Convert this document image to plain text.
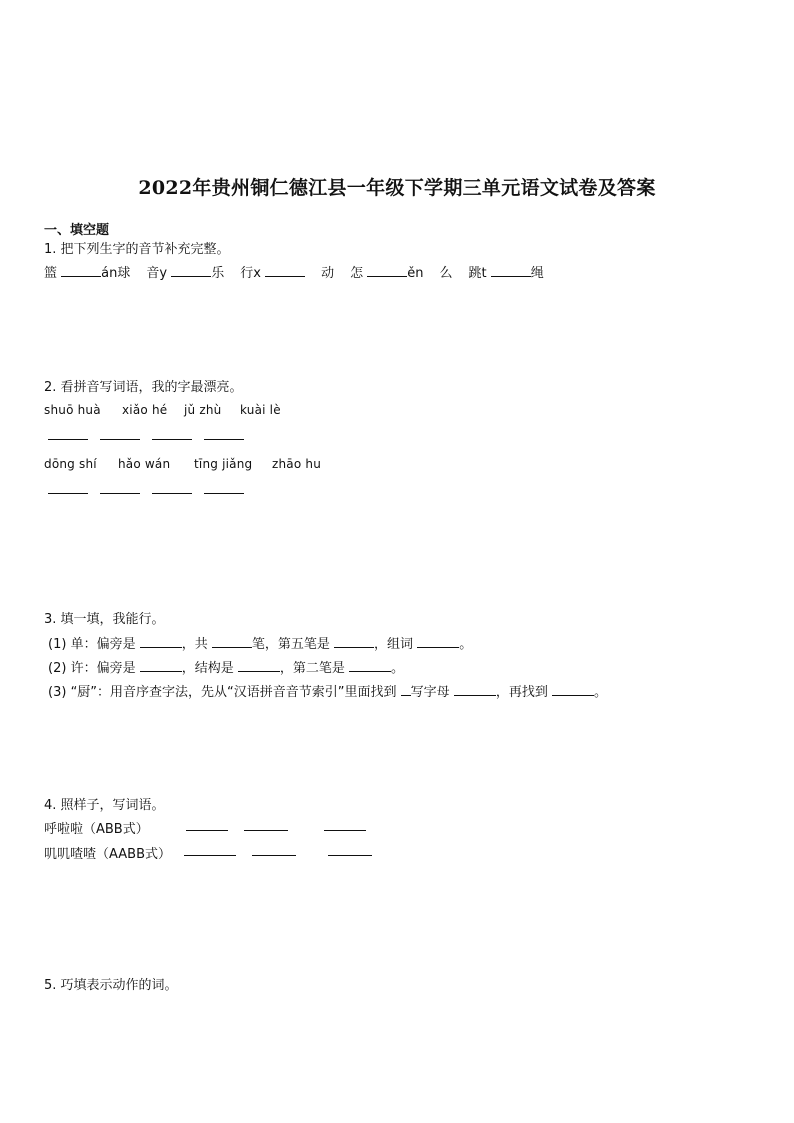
2022年贵州铜仁德江县一年级下学期三单元语文试卷及答案
一、填空题
1. 把下列生字的音节补充完整。
篮	án球 音y	乐 行x	动 怎	ěn 么 跳t	绳
2. 看拼音写词语，我的字最漂亮。
shuō huà xiǎo hé jǔ zhù kuài lè
dōng shí hǎo wán tīng jiǎng zhāo hu
3. 填一填，我能行。
(1) 单：偏旁是	，共	笔，第五笔是	，组词	。
(2) 许：偏旁是	，结构是	，第二笔是	。
(3) “厨”：用音序查字法，先从“汉语拼音音节索引”里面找到 写字母	，再找到	。
4. 照样子，写词语。
呼啦啦（ABB式）
叽叽喳喳（AABB式）
5. 巧填表示动作的词。
